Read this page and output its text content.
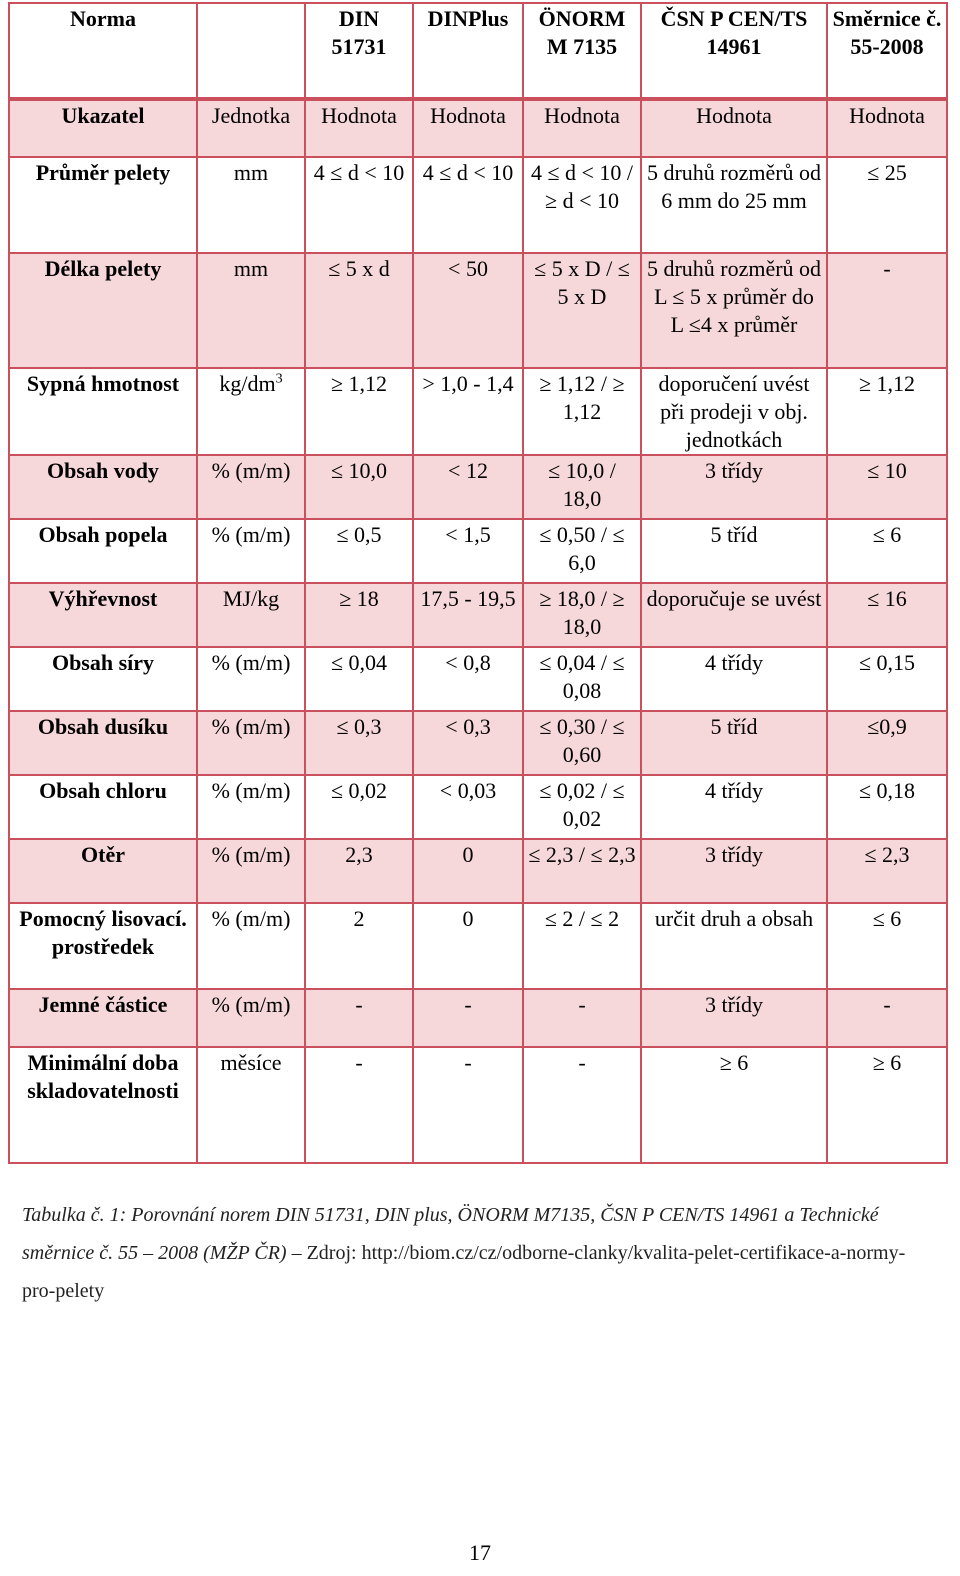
Norma		DIN 51731	DINPlus	ÖNORM M 7135	ČSN P CEN/TS 14961	Směrnice č. 55-2008
Ukazatel	Jednotka	Hodnota	Hodnota	Hodnota	Hodnota	Hodnota
Průměr pelety	mm	4 ≤ d < 10	4 ≤ d < 10	4 ≤ d < 10 / ≥ d < 10	5 druhů rozměrů od 6 mm do 25 mm	≤ 25
Délka pelety	mm	≤ 5 x d	< 50	≤ 5 x D / ≤ 5 x D	5 druhů rozměrů od L ≤ 5 x průměr do L ≤4 x průměr	-
Sypná hmotnost	$kg/dm^3$	≥ 1,12	> 1,0 - 1,4	≥ 1,12 / ≥ 1,12	doporučení uvést při prodeji v obj. jednotkách	≥ 1,12
Obsah vody	% (m/m)	≤ 10,0	< 12	≤ 10,0 / 18,0	3 třídy	≤ 10
Obsah popela	% (m/m)	≤ 0,5	< 1,5	≤ 0,50 / ≤ 6,0	5 tříd	≤ 6
Výhřevnost	MJ/kg	≥ 18	17,5 - 19,5	≥ 18,0 / ≥ 18,0	doporučuje se uvést	≤ 16
Obsah síry	% (m/m)	≤ 0,04	< 0,8	≤ 0,04 / ≤ 0,08	4 třídy	≤ 0,15
Obsah dusíku	% (m/m)	≤ 0,3	< 0,3	≤ 0,30 / ≤ 0,60	5 tříd	≤0,9
Obsah chloru	% (m/m)	≤ 0,02	< 0,03	≤ 0,02 / ≤ 0,02	4 třídy	≤ 0,18
Otěr	% (m/m)	2,3	0	≤ 2,3 / ≤ 2,3	3 třídy	≤ 2,3
Pomocný lisovací. prostředek	% (m/m)	2	0	≤ 2 / ≤ 2	určit druh a obsah	≤ 6
Jemné částice	% (m/m)	-	-	-	3 třídy	-
Minimální doba skladovatelnosti	měsíce	-	-	-	≥ 6	≥ 6
Tabulka č. 1: Porovnání norem DIN 51731, DIN plus, ÖNORM M7135, ČSN P CEN/TS 14961 a Technické směrnice č. 55 – 2008 (MŽP ČR) – Zdroj: http://biom.cz/cz/odborne-clanky/kvalita-pelet-certifikace-a-normy-pro-pelety
17
